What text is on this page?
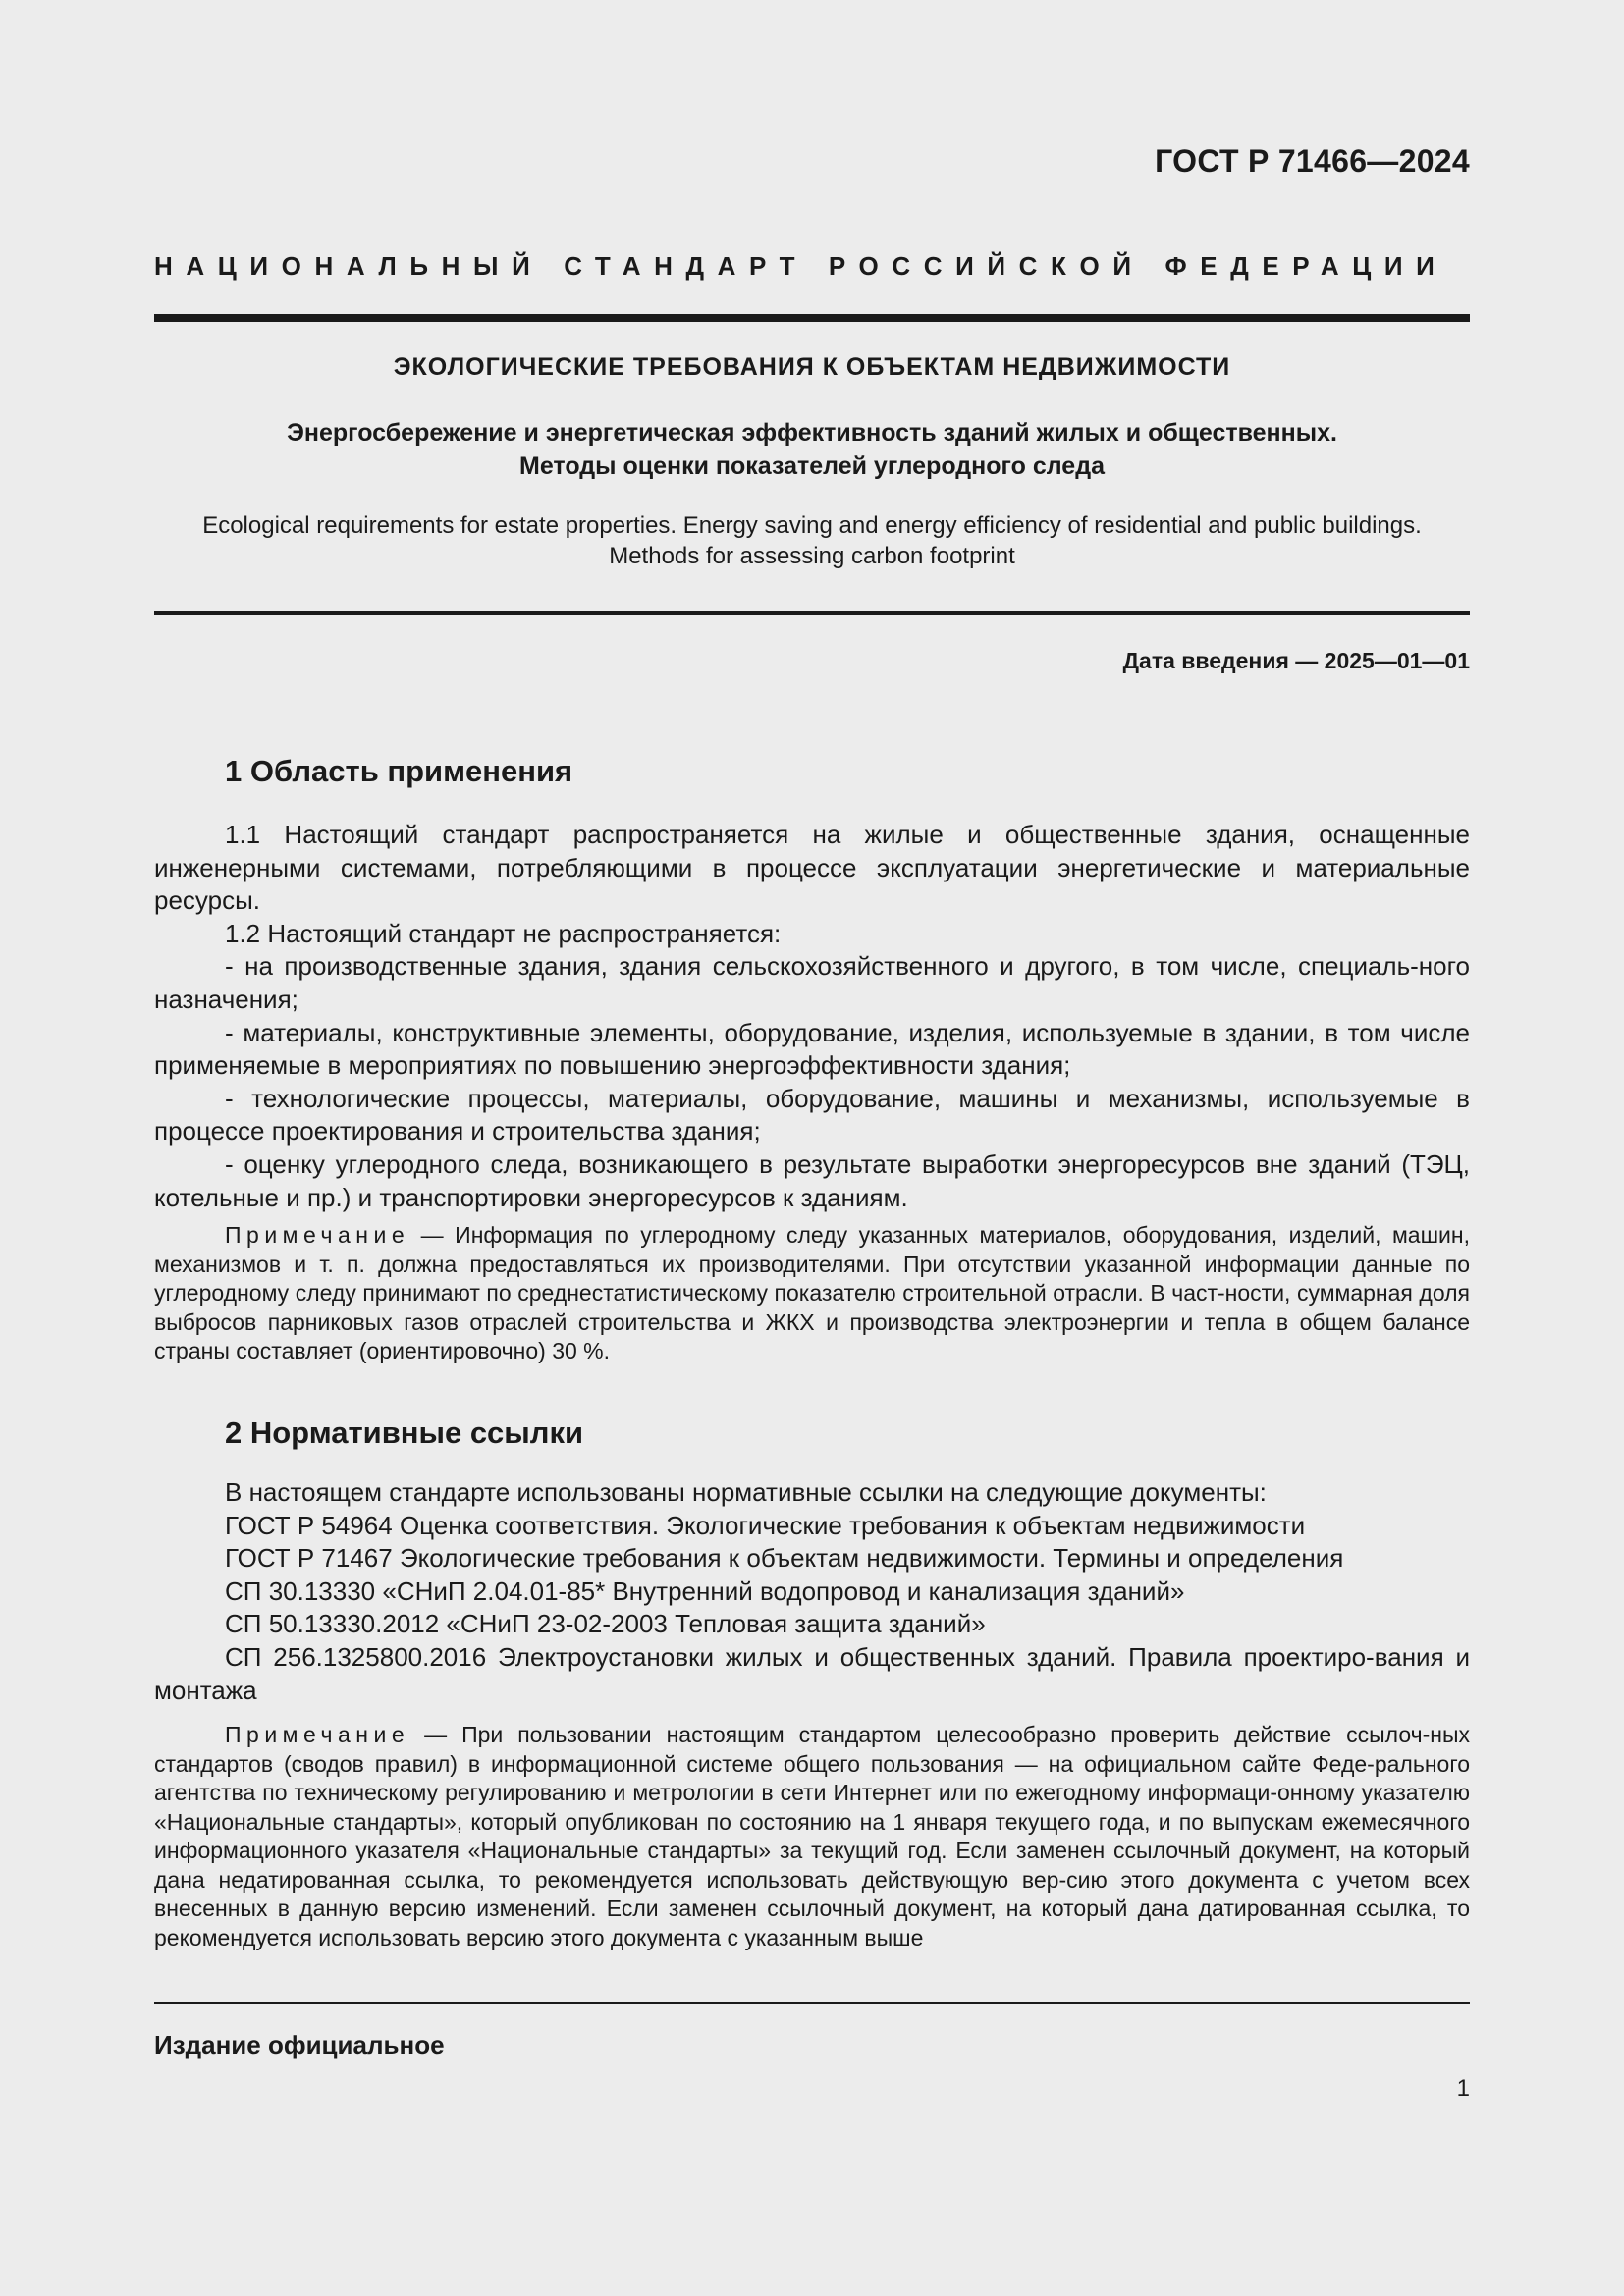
ГОСТ Р 71466—2024
НАЦИОНАЛЬНЫЙ СТАНДАРТ РОССИЙСКОЙ ФЕДЕРАЦИИ
ЭКОЛОГИЧЕСКИЕ ТРЕБОВАНИЯ К ОБЪЕКТАМ НЕДВИЖИМОСТИ
Энергосбережение и энергетическая эффективность зданий жилых и общественных.
Методы оценки показателей углеродного следа
Ecological requirements for estate properties. Energy saving and energy efficiency of residential and public buildings.
Methods for assessing carbon footprint
Дата введения — 2025—01—01
1 Область применения

1.1 Настоящий стандарт распространяется на жилые и общественные здания, оснащенные инженерными системами, потребляющими в процессе эксплуатации энергетические и материальные ресурсы.

1.2 Настоящий стандарт не распространяется:

- на производственные здания, здания сельскохозяйственного и другого, в том числе, специаль-ного назначения;

- материалы, конструктивные элементы, оборудование, изделия, используемые в здании, в том числе применяемые в мероприятиях по повышению энергоэффективности здания;

- технологические процессы, материалы, оборудование, машины и механизмы, используемые в процессе проектирования и строительства здания;

- оценку углеродного следа, возникающего в результате выработки энергоресурсов вне зданий (ТЭЦ, котельные и пр.) и транспортировки энергоресурсов к зданиям.

Примечание — Информация по углеродному следу указанных материалов, оборудования, изделий, машин, механизмов и т. п. должна предоставляться их производителями. При отсутствии указанной информации данные по углеродному следу принимают по среднестатистическому показателю строительной отрасли. В част-ности, суммарная доля выбросов парниковых газов отраслей строительства и ЖКХ и производства электроэнергии и тепла в общем балансе страны составляет (ориентировочно) 30 %.

2 Нормативные ссылки

В настоящем стандарте использованы нормативные ссылки на следующие документы:

ГОСТ Р 54964 Оценка соответствия. Экологические требования к объектам недвижимости

ГОСТ Р 71467 Экологические требования к объектам недвижимости. Термины и определения

СП 30.13330 «СНиП 2.04.01-85* Внутренний водопровод и канализация зданий»

СП 50.13330.2012 «СНиП 23-02-2003 Тепловая защита зданий»

СП 256.1325800.2016 Электроустановки жилых и общественных зданий. Правила проектиро-вания и монтажа

Примечание — При пользовании настоящим стандартом целесообразно проверить действие ссылоч-ных стандартов (сводов правил) в информационной системе общего пользования — на официальном сайте Феде-рального агентства по техническому регулированию и метрологии в сети Интернет или по ежегодному информаци-онному указателю «Национальные стандарты», который опубликован по состоянию на 1 января текущего года, и по выпускам ежемесячного информационного указателя «Национальные стандарты» за текущий год. Если заменен ссылочный документ, на который дана недатированная ссылка, то рекомендуется использовать действующую вер-сию этого документа с учетом всех внесенных в данную версию изменений. Если заменен ссылочный документ, на который дана датированная ссылка, то рекомендуется использовать версию этого документа с указанным выше

Издание официальное
1
